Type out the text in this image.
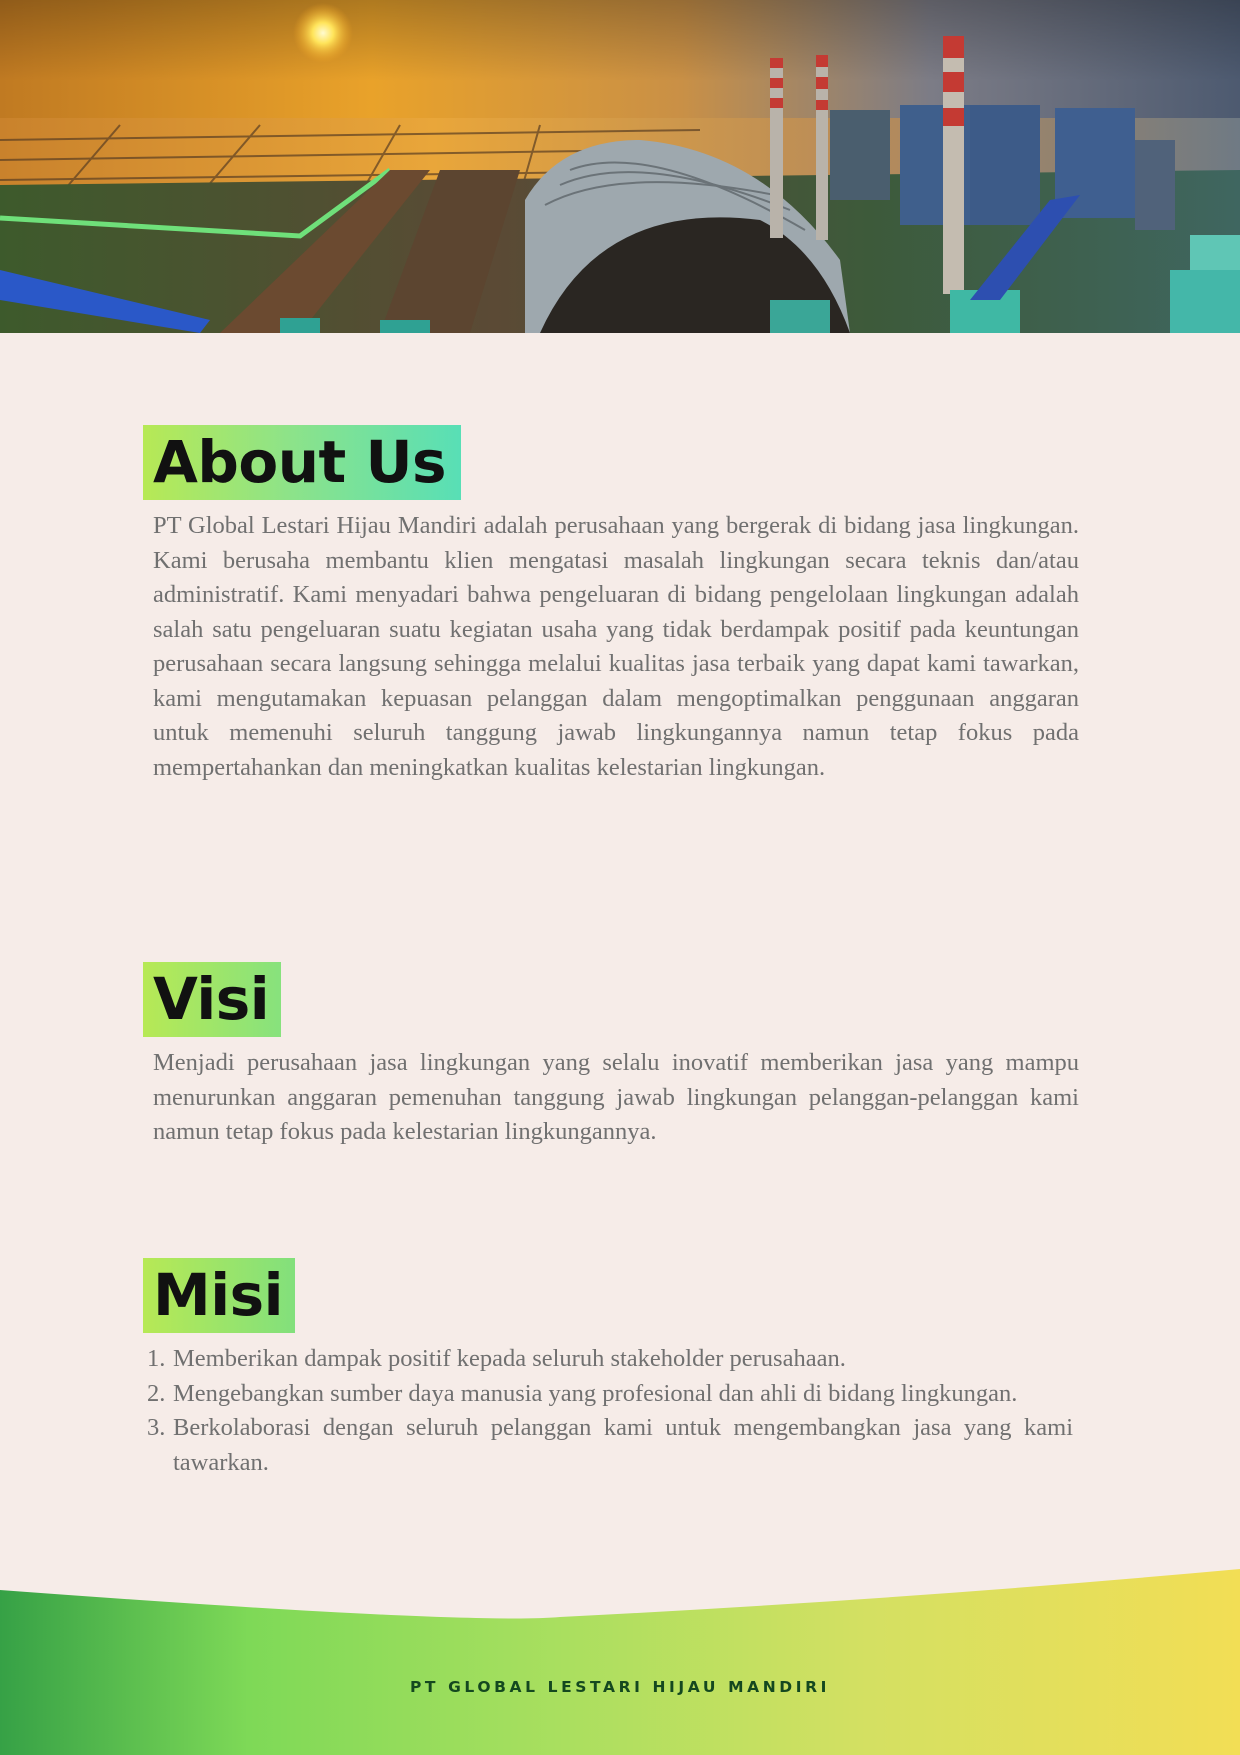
About Us

PT Global Lestari Hijau Mandiri adalah perusahaan yang bergerak di bidang jasa lingkungan. Kami berusaha membantu klien mengatasi masalah lingkungan secara teknis dan/atau administratif. Kami menyadari bahwa pengeluaran di bidang pengelolaan lingkungan adalah salah satu pengeluaran suatu kegiatan usaha yang tidak berdampak positif pada keuntungan perusahaan secara langsung sehingga melalui kualitas jasa terbaik yang dapat kami tawarkan, kami mengutamakan kepuasan pelanggan dalam mengoptimalkan penggunaan anggaran untuk memenuhi seluruh tanggung jawab lingkungannya namun tetap fokus pada mempertahankan dan meningkatkan kualitas kelestarian lingkungan.

Visi

Menjadi perusahaan jasa lingkungan yang selalu inovatif memberikan jasa yang mampu menurunkan anggaran pemenuhan tanggung jawab lingkungan pelanggan-pelanggan kami namun tetap fokus pada kelestarian lingkungannya.

Misi
1. Memberikan dampak positif kepada seluruh stakeholder perusahaan.
2. Mengebangkan sumber daya manusia yang profesional dan ahli di bidang lingkungan.
3. Berkolaborasi dengan seluruh pelanggan kami untuk mengembangkan jasa yang kami tawarkan.
PT GLOBAL LESTARI HIJAU MANDIRI
